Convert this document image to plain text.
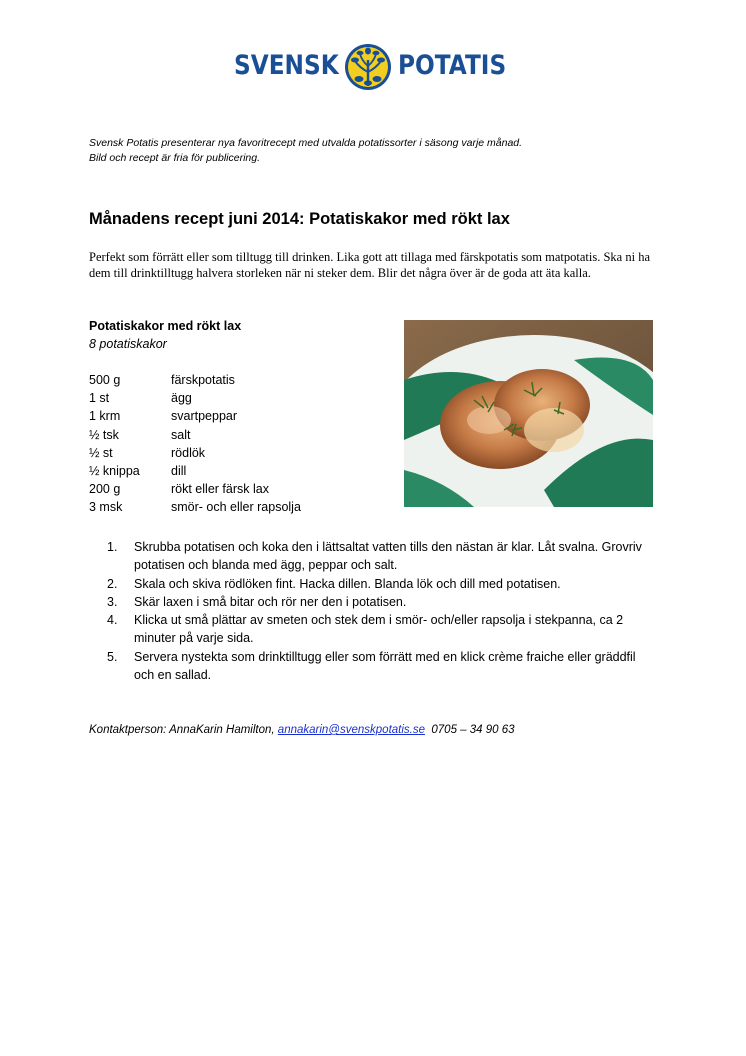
SVENSK POTATIS
Svensk Potatis presenterar nya favoritrecept med utvalda potatissorter i säsong varje månad.
Bild och recept är fria för publicering.
Månadens recept juni 2014: Potatiskakor med rökt lax
Perfekt som förrätt eller som tilltugg till drinken. Lika gott att tillaga med färskpotatis som matpotatis. Ska ni ha dem till drinktilltugg halvera storleken när ni steker dem. Blir det några över är de goda att äta kalla.
Potatiskakor med rökt lax
8 potatiskakor
500 g	färskpotatis
1 st	ägg
1 krm	svartpeppar
½ tsk	salt
½ st	rödlök
½ knippa	dill
200 g	rökt eller färsk lax
3 msk	smör- och eller rapsolja
1.	Skrubba potatisen och koka den i lättsaltat vatten tills den nästan är klar. Låt svalna. Grovriv potatisen och blanda med ägg, peppar och salt.
2.	Skala och skiva rödlöken fint. Hacka dillen. Blanda lök och dill med potatisen.
3.	Skär laxen i små bitar och rör ner den i potatisen.
4.	Klicka ut små plättar av smeten och stek dem i smör- och/eller rapsolja i stekpanna, ca 2 minuter på varje sida.
5.	Servera nystekta som drinktilltugg eller som förrätt med en klick crème fraiche eller gräddfil och en sallad.
Kontaktperson: AnnaKarin Hamilton, annakarin@svenskpotatis.se  0705 – 34 90 63
